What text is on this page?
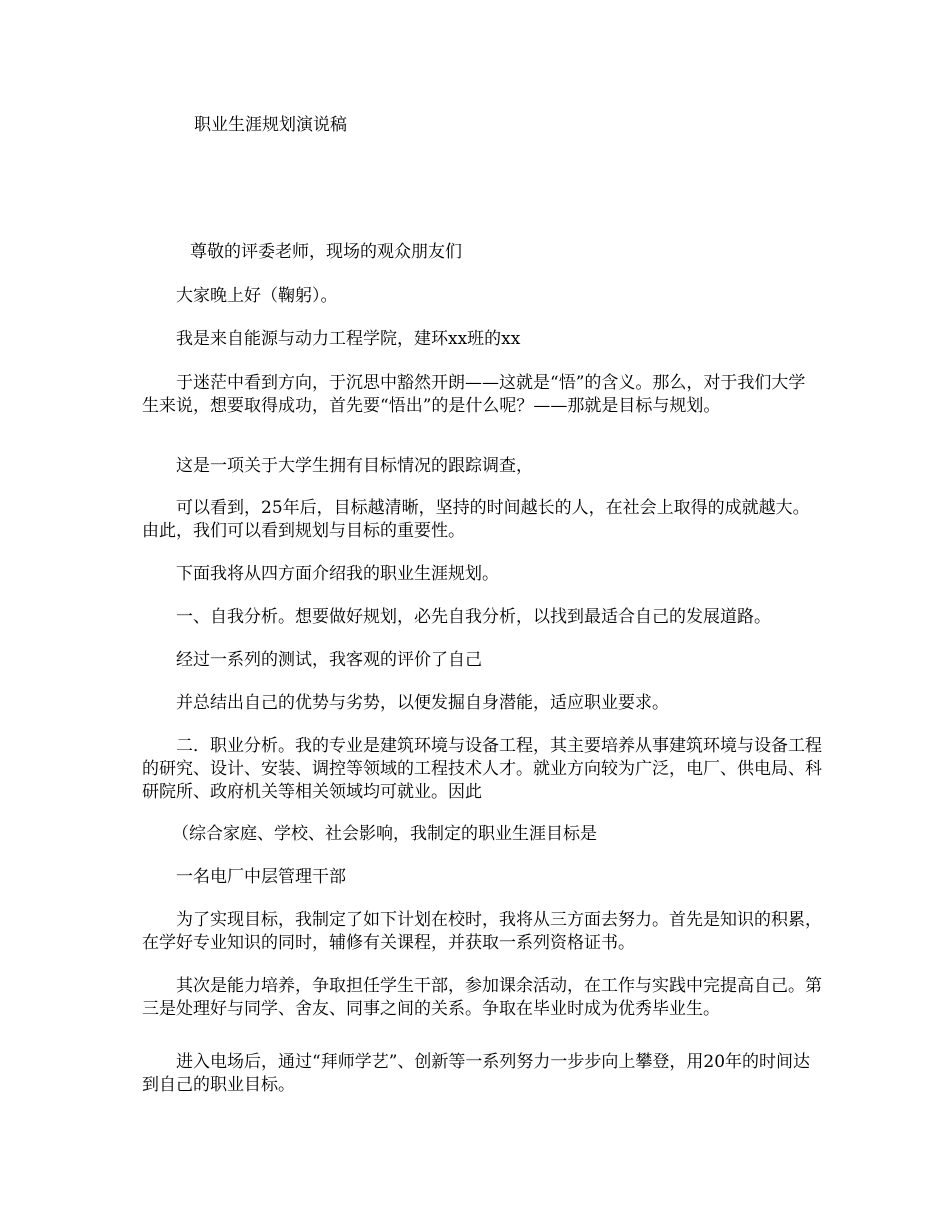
职业生涯规划演说稿

尊敬的评委老师，现场的观众朋友们

大家晚上好（鞠躬）。

我是来自能源与动力工程学院，建环xx班的xx

于迷茫中看到方向，于沉思中豁然开朗——这就是“悟”的含义。那么，对于我们大学生来说，想要取得成功，首先要“悟出”的是什么呢？——那就是目标与规划。

这是一项关于大学生拥有目标情况的跟踪调查，

可以看到，25年后，目标越清晰，坚持的时间越长的人，在社会上取得的成就越大。由此，我们可以看到规划与目标的重要性。

下面我将从四方面介绍我的职业生涯规划。

一、自我分析。想要做好规划，必先自我分析，以找到最适合自己的发展道路。

经过一系列的测试，我客观的评价了自己

并总结出自己的优势与劣势，以便发掘自身潜能，适应职业要求。

二．职业分析。我的专业是建筑环境与设备工程，其主要培养从事建筑环境与设备工程的研究、设计、安装、调控等领域的工程技术人才。就业方向较为广泛，电厂、供电局、科研院所、政府机关等相关领域均可就业。因此

（综合家庭、学校、社会影响，我制定的职业生涯目标是

一名电厂中层管理干部

为了实现目标，我制定了如下计划在校时，我将从三方面去努力。首先是知识的积累，在学好专业知识的同时，辅修有关课程，并获取一系列资格证书。

其次是能力培养，争取担任学生干部，参加课余活动，在工作与实践中完提高自己。第三是处理好与同学、舍友、同事之间的关系。争取在毕业时成为优秀毕业生。

进入电场后，通过“拜师学艺”、创新等一系列努力一步步向上攀登，用20年的时间达到自己的职业目标。
